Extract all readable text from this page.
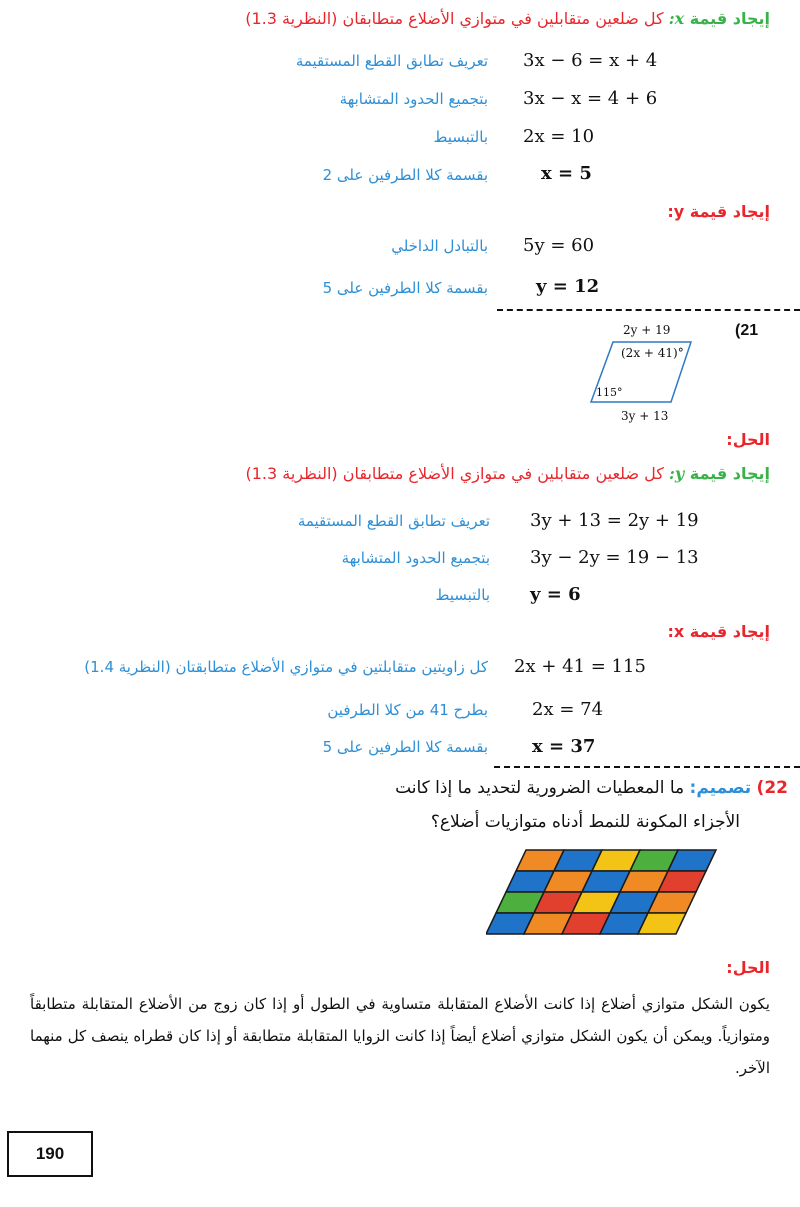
إيجاد قيمة x: كل ضلعين متقابلين في متوازي الأضلاع متطابقان (النظرية 1.3)
3x − 6 = x + 4
تعريف تطابق القطع المستقيمة
3x − x = 4 + 6
بتجميع الحدود المتشابهة
2x = 10
بالتبسيط
x = 5
بقسمة كلا الطرفين على 2
إيجاد قيمة y:
5y = 60
بالتبادل الداخلي
y = 12
بقسمة كلا الطرفين على 5
(21
2y + 19
(2x + 41)°
115°
3y + 13
الحل:
إيجاد قيمة y: كل ضلعين متقابلين في متوازي الأضلاع متطابقان (النظرية 1.3)
3y + 13 = 2y + 19
تعريف تطابق القطع المستقيمة
3y − 2y = 19 − 13
بتجميع الحدود المتشابهة
y = 6
بالتبسيط
إيجاد قيمة x:
2x + 41 = 115
كل زاويتين متقابلتين في متوازي الأضلاع متطابقتان (النظرية 1.4)
2x = 74
بطرح 41 من كلا الطرفين
x = 37
بقسمة كلا الطرفين على 5
22) تصميم: ما المعطيات الضرورية لتحديد ما إذا كانت
الأجزاء المكونة للنمط أدناه متوازيات أضلاع؟
الحل:
يكون الشكل متوازي أضلاع إذا كانت الأضلاع المتقابلة متساوية في الطول أو إذا كان زوج من الأضلاع المتقابلة متطابقاً ومتوازياً. ويمكن أن يكون الشكل متوازي أضلاع أيضاً إذا كانت الزوايا المتقابلة متطابقة أو إذا كان قطراه ينصف كل منهما الآخر.
190
